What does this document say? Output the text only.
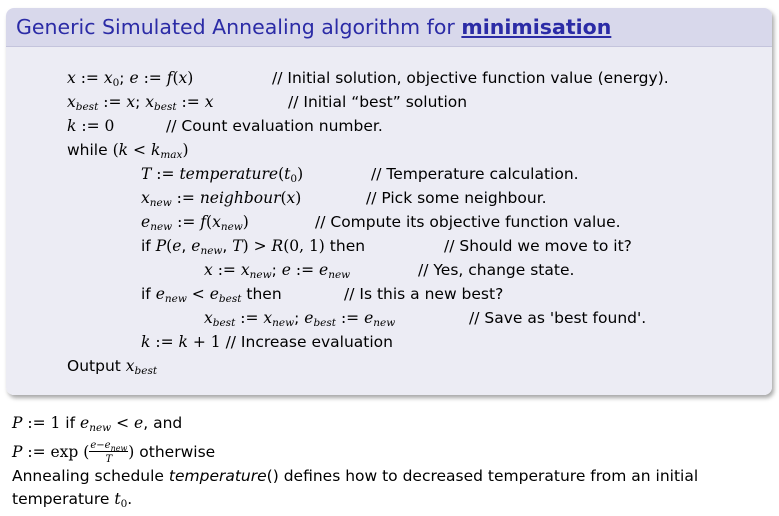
Generic Simulated Annealing algorithm for minimisation
x := x0; e := f(x)	// Initial solution, objective function value (energy).
$x_{best}$ := x; $x_{best}$ := x	// Initial “best” solution
k := 0	// Count evaluation number.
while $(k < k_{max})$
T := temperature(t0)	// Temperature calculation.
$x_{new}$ := neighbour(x)	// Pick some neighbour.
$e_{new}$ := $f(x_{new})$	// Compute its objective function value.
if P(e, $e_{new}$, T) > R(0, 1) then	// Should we move to it?
x := $x_{new}$; e := $e_{new}$	// Yes, change state.
if $e_{new} < e_{best}$ then	// Is this a new best?
$x_{best}$ := $x_{new}$; $e_{best}$ := $e_{new}$	// Save as 'best found'.
k := k + 1 // Increase evaluation
Output $x_{best}$
P := 1 if $e_{new} < e$, and
P := $\exp (\frac{e-e_{new}}{T})$ otherwise
Annealing schedule temperature() defines how to decreased temperature from an initial
temperature t0.
